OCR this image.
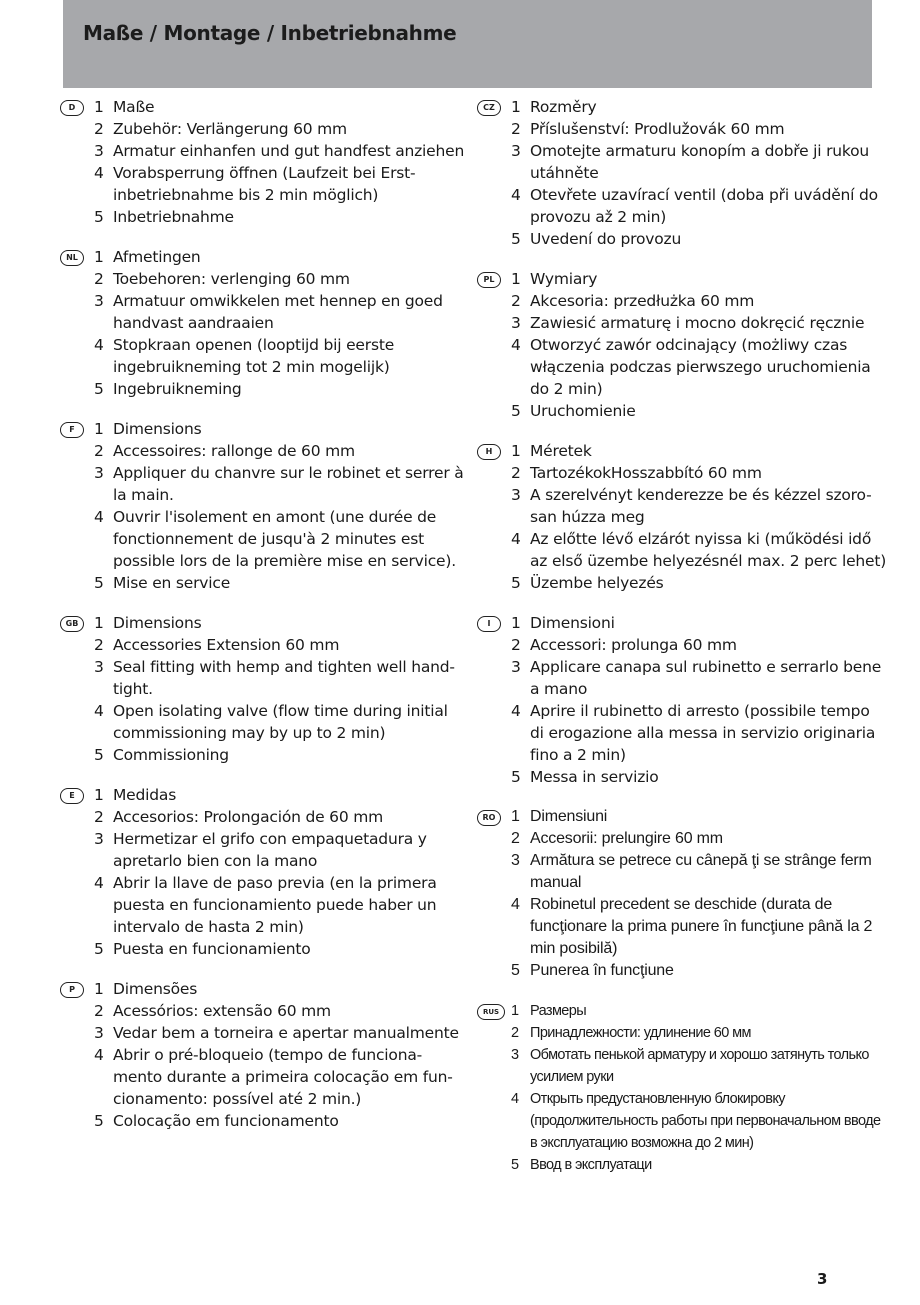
Maße / Montage / Inbetriebnahme
D	1 Maße
2 Zubehör: Verlängerung 60 mm
3 Armatur einhanfen und gut handfest anziehen
4 Vorabsperrung öffnen (Laufzeit bei Erst-inbetriebnahme bis 2 min möglich)
5 Inbetriebnahme
NL	1 Afmetingen
2 Toebehoren: verlenging 60 mm
3 Armatuur omwikkelen met hennep en goed handvast aandraaien
4 Stopkraan openen (looptijd bij eerste ingebruikneming tot 2 min mogelijk)
5 Ingebruikneming
F	1 Dimensions
2 Accessoires: rallonge de 60 mm
3 Appliquer du chanvre sur le robinet et serrer à la main.
4 Ouvrir l'isolement en amont (une durée de fonctionnement de jusqu'à 2 minutes est possible lors de la première mise en service).
5 Mise en service
GB	1 Dimensions
2 Accessories Extension 60 mm
3 Seal fitting with hemp and tighten well hand-tight.
4 Open isolating valve (flow time during initial commissioning may by up to 2 min)
5 Commissioning
E	1 Medidas
2 Accesorios: Prolongación de 60 mm
3 Hermetizar el grifo con empaquetadura y apretarlo bien con la mano
4 Abrir la llave de paso previa (en la primera puesta en funcionamiento puede haber un intervalo de hasta 2 min)
5 Puesta en funcionamiento
P	1 Dimensões
2 Acessórios: extensão 60 mm
3 Vedar bem a torneira e apertar manualmente
4 Abrir o pré-bloqueio (tempo de funciona-mento durante a primeira colocação em fun-cionamento: possível até 2 min.)
5 Colocação em funcionamento
CZ	1 Rozměry
2 Příslušenství: Prodlužovák 60 mm
3 Omotejte armaturu konopím a dobře ji rukou utáhněte
4 Otevřete uzavírací ventil (doba při uvádění do provozu až 2 min)
5 Uvedení do provozu
PL	1 Wymiary
2 Akcesoria: przedłużka 60 mm
3 Zawiesić armaturę i mocno dokręcić ręcznie
4 Otworzyć zawór odcinający (możliwy czas włączenia podczas pierwszego uruchomienia do 2 min)
5 Uruchomienie
H	1 Méretek
2 TartozékokHosszabbító 60 mm
3 A szerelvényt kenderezze be és kézzel szoro-san húzza meg
4 Az előtte lévő elzárót nyissa ki (működési idő az első üzembe helyezésnél max. 2 perc lehet)
5 Üzembe helyezés
I	1 Dimensioni
2 Accessori: prolunga 60 mm
3 Applicare canapa sul rubinetto e serrarlo bene a mano
4 Aprire il rubinetto di arresto (possibile tempo di erogazione alla messa in servizio originaria fino a 2 min)
5 Messa in servizio
RO 1 Dimensiuni
2 Accesorii: prelungire 60 mm
3 Armătura se petrece cu cânepă ţi se strânge ferm manual
4 Robinetul precedent se deschide (durata de funcţionare la prima punere în funcţiune până la 2 min posibilă)
5 Punerea în funcţiune
RUS 1 Размеры
2 Принадлежности: удлинение 60 мм
3 Обмотать пенькой арматуру и хорошо затянуть только усилием руки
4 Открыть предустановленную блокировку (продолжительность работы при первоначальном вводе в эксплуатацию возможна до 2 мин)
5 Ввод в эксплуатаци
3
